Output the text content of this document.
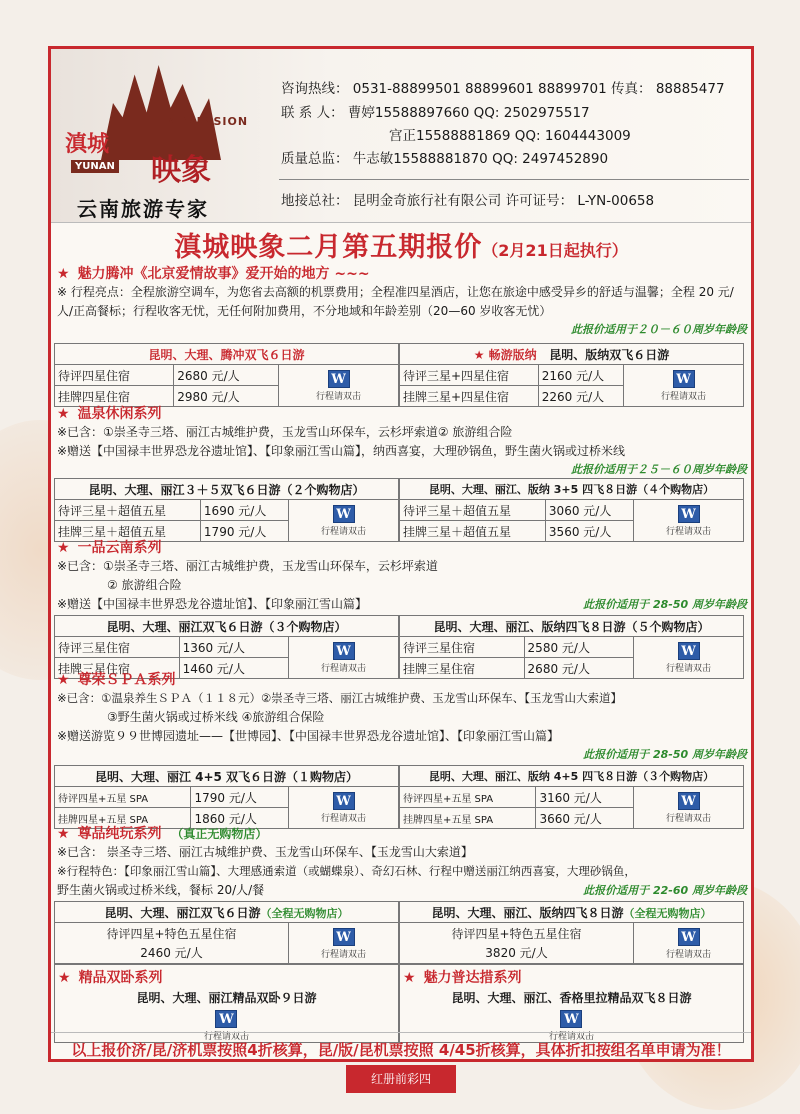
滇城
IMPRESSION
YUNAN 映象
云南旅游专家
咨询热线： 0531-88899501 88899601 88899701 传真： 88885477
联 系 人： 曹婷15588897660 QQ: 2502975517
宫正15588881869 QQ: 1604443009
质量总监： 牛志敏15588881870 QQ: 2497452890
地接总社： 昆明金奇旅行社有限公司 许可证号： L-YN-00658
滇城映象二月第五期报价（2月21日起执行）
★ 魅力腾冲《北京爱情故事》爱开始的地方 ~~~
※ 行程亮点：全程旅游空调车，为您省去高额的机票费用；全程准四星酒店，让您在旅途中感受异乡的舒适与温馨；全程 20 元/人/正高餐标；行程收客无忧，无任何附加费用，不分地域和年龄差别（20—60 岁收客无忧）
此报价适用于２０－６０周岁年龄段
昆明、大理、腾冲双飞６日游		
待评四星住宿	2680 元/人	W
行程请双击

挂牌四星住宿	2980 元/人	
★ 畅游版纳 昆明、版纳双飞６日游		
待评三星+四星住宿	2160 元/人	W
行程请双击

挂牌三星+四星住宿	2260 元/人	
★ 温泉休闲系列
※已含：①崇圣寺三塔、丽江古城维护费，玉龙雪山环保车，云杉坪索道② 旅游组合险
※赠送【中国禄丰世界恐龙谷遗址馆】、【印象丽江雪山篇】，纳西喜宴，大理砂锅鱼，野生菌火锅或过桥米线
此报价适用于２５－６０周岁年龄段
昆明、大理、丽江３＋５双飞６日游（２个购物店）		
待评三星＋超值五星	1690 元/人	W
行程请双击

挂牌三星＋超值五星	1790 元/人	
昆明、大理、丽江、版纳 3+5 四飞８日游（４个购物店）		
待评三星＋超值五星	3060 元/人	W
行程请双击

挂牌三星＋超值五星	3560 元/人	
★ 一品云南系列
※已含：①崇圣寺三塔、丽江古城维护费，玉龙雪山环保车，云杉坪索道
② 旅游组合险
※赠送【中国禄丰世界恐龙谷遗址馆】、【印象丽江雪山篇】	此报价适用于 28-50 周岁年龄段
昆明、大理、丽江双飞６日游（３个购物店）		
待评三星住宿	1360 元/人	W
行程请双击

挂牌三星住宿	1460 元/人	
昆明、大理、丽江、版纳四飞８日游（５个购物店）		
待评三星住宿	2580 元/人	W
行程请双击

挂牌三星住宿	2680 元/人	
★ 尊荣ＳＰＡ系列
※已含：①温泉养生ＳＰＡ（１１８元）②崇圣寺三塔、丽江古城维护费、玉龙雪山环保车、【玉龙雪山大索道】
③野生菌火锅或过桥米线 ④旅游组合保险
※赠送游览９９世博园遗址——【世博园】、【中国禄丰世界恐龙谷遗址馆】、【印象丽江雪山篇】
此报价适用于 28-50 周岁年龄段
昆明、大理、丽江 4+5 双飞６日游（１购物店）		
待评四星+五星 SPA	1790 元/人	W
行程请双击

挂牌四星+五星 SPA	1860 元/人	
昆明、大理、丽江、版纳 4+5 四飞８日游（３个购物店）		
待评四星+五星 SPA	3160 元/人	W
行程请双击

挂牌四星+五星 SPA	3660 元/人	
★ 尊品纯玩系列 （真正无购物店）
※已含： 崇圣寺三塔、丽江古城维护费、玉龙雪山环保车、【玉龙雪山大索道】
※行程特色：【印象丽江雪山篇】、大理感通索道（或蝴蝶泉）、奇幻石林、行程中赠送丽江纳西喜宴，大理砂锅鱼，
野生菌火锅或过桥米线，餐标 20/人/餐	此报价适用于 22-60 周岁年龄段
昆明、大理、丽江双飞６日游（全程无购物店）

待评四星+特色五星住宿
2460 元/人

W
行程请双击
昆明、大理、丽江、版纳四飞８日游（全程无购物店）

待评四星+特色五星住宿
3820 元/人

W
行程请双击
★ 精品双卧系列
昆明、大理、丽江精品双卧９日游
W
行程请双击
★ 魅力普达措系列
昆明、大理、丽江、香格里拉精品双飞８日游
W
行程请双击
以上报价济/昆/济机票按照4折核算，昆/版/昆机票按照 4/45折核算，具体折扣按组名单申请为准！
红册前彩四
